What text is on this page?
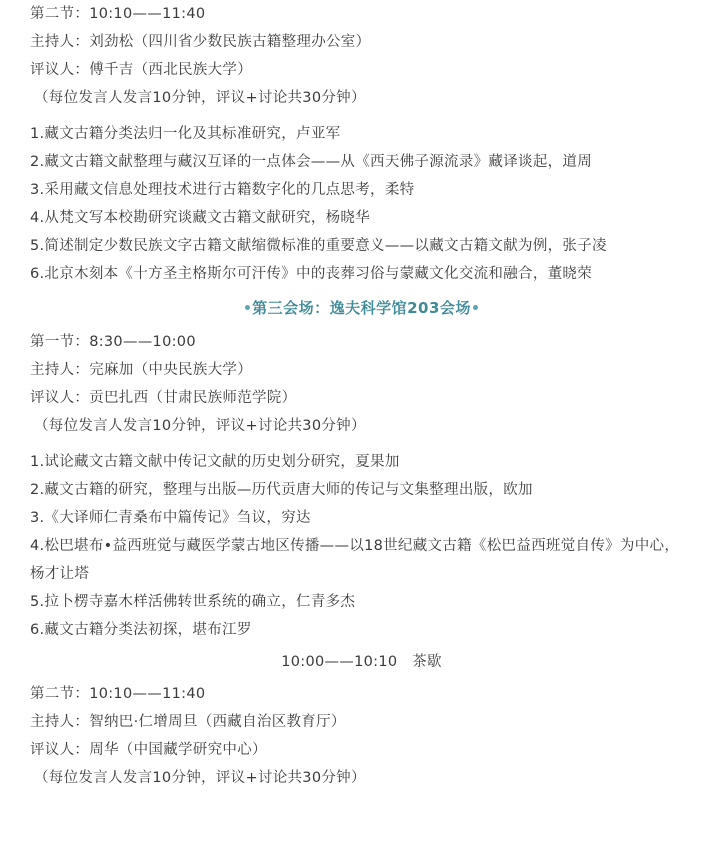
第二节：10:10——11:40
主持人：刘劲松（四川省少数民族古籍整理办公室）
评议人：傅千吉（西北民族大学）
（每位发言人发言10分钟，评议+讨论共30分钟）
1.藏文古籍分类法归一化及其标准研究，卢亚军
2.藏文古籍文献整理与藏汉互译的一点体会——从《西天佛子源流录》藏译谈起，道周
3.采用藏文信息处理技术进行古籍数字化的几点思考，柔特
4.从梵文写本校勘研究谈藏文古籍文献研究，杨晓华
5.简述制定少数民族文字古籍文献缩微标准的重要意义——以藏文古籍文献为例，张子凌
6.北京木刻本《十方圣主格斯尔可汗传》中的丧葬习俗与蒙藏文化交流和融合，董晓荣
第三会场：逸夫科学馆203会场
第一节：8:30——10:00
主持人：完麻加（中央民族大学）
评议人：贡巴扎西（甘肃民族师范学院）
（每位发言人发言10分钟，评议+讨论共30分钟）
1.试论藏文古籍文献中传记文献的历史划分研究，夏果加
2.藏文古籍的研究，整理与出版—历代贡唐大师的传记与文集整理出版，欧加
3.《大译师仁青桑布中篇传记》刍议，穷达
4.松巴堪布•益西班觉与藏医学蒙古地区传播——以18世纪藏文古籍《松巴益西班觉自传》为中心，杨才让塔
5.拉卜楞寺嘉木样活佛转世系统的确立，仁青多杰
6.藏文古籍分类法初探，堪布江罗
10:00——10:10　茶歇
第二节：10:10——11:40
主持人：智纳巴·仁增周旦（西藏自治区教育厅）
评议人：周华（中国藏学研究中心）
（每位发言人发言10分钟，评议+讨论共30分钟）
